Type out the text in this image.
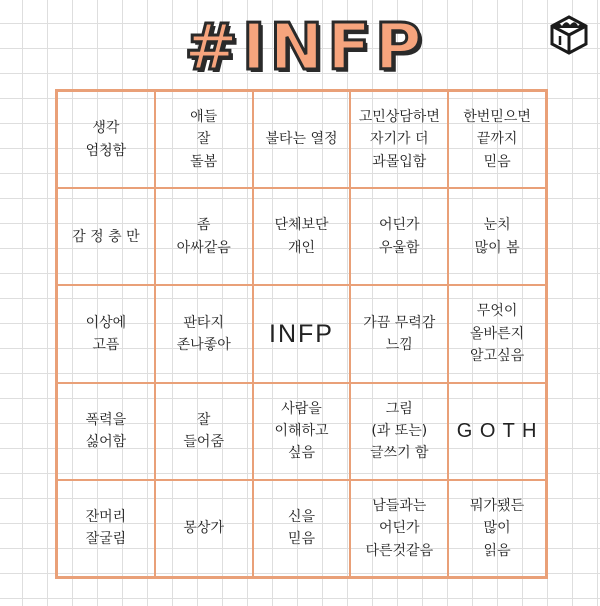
#INFP
생각
엄청함
애들
잘
돌봄
불타는 열정
고민상담하면
자기가 더
과몰입함
한번믿으면
끝까지
믿음
감 정 충 만
좀
아싸같음
단체보단
개인
어딘가
우울함
눈치
많이 봄
이상에
고픔
판타지
존나좋아	INFP	가끔 무력감
느낌
무엇이
올바른지
알고싶음
폭력을
싫어함
잘
들어줌
사람을
이해하고
싶음
그림
(과 또는)
글쓰기 함
G O T H
잔머리
잘굴림
몽상가
신을
믿음
남들과는
어딘가
다른것같음
뭐가됐든
많이
읽음
